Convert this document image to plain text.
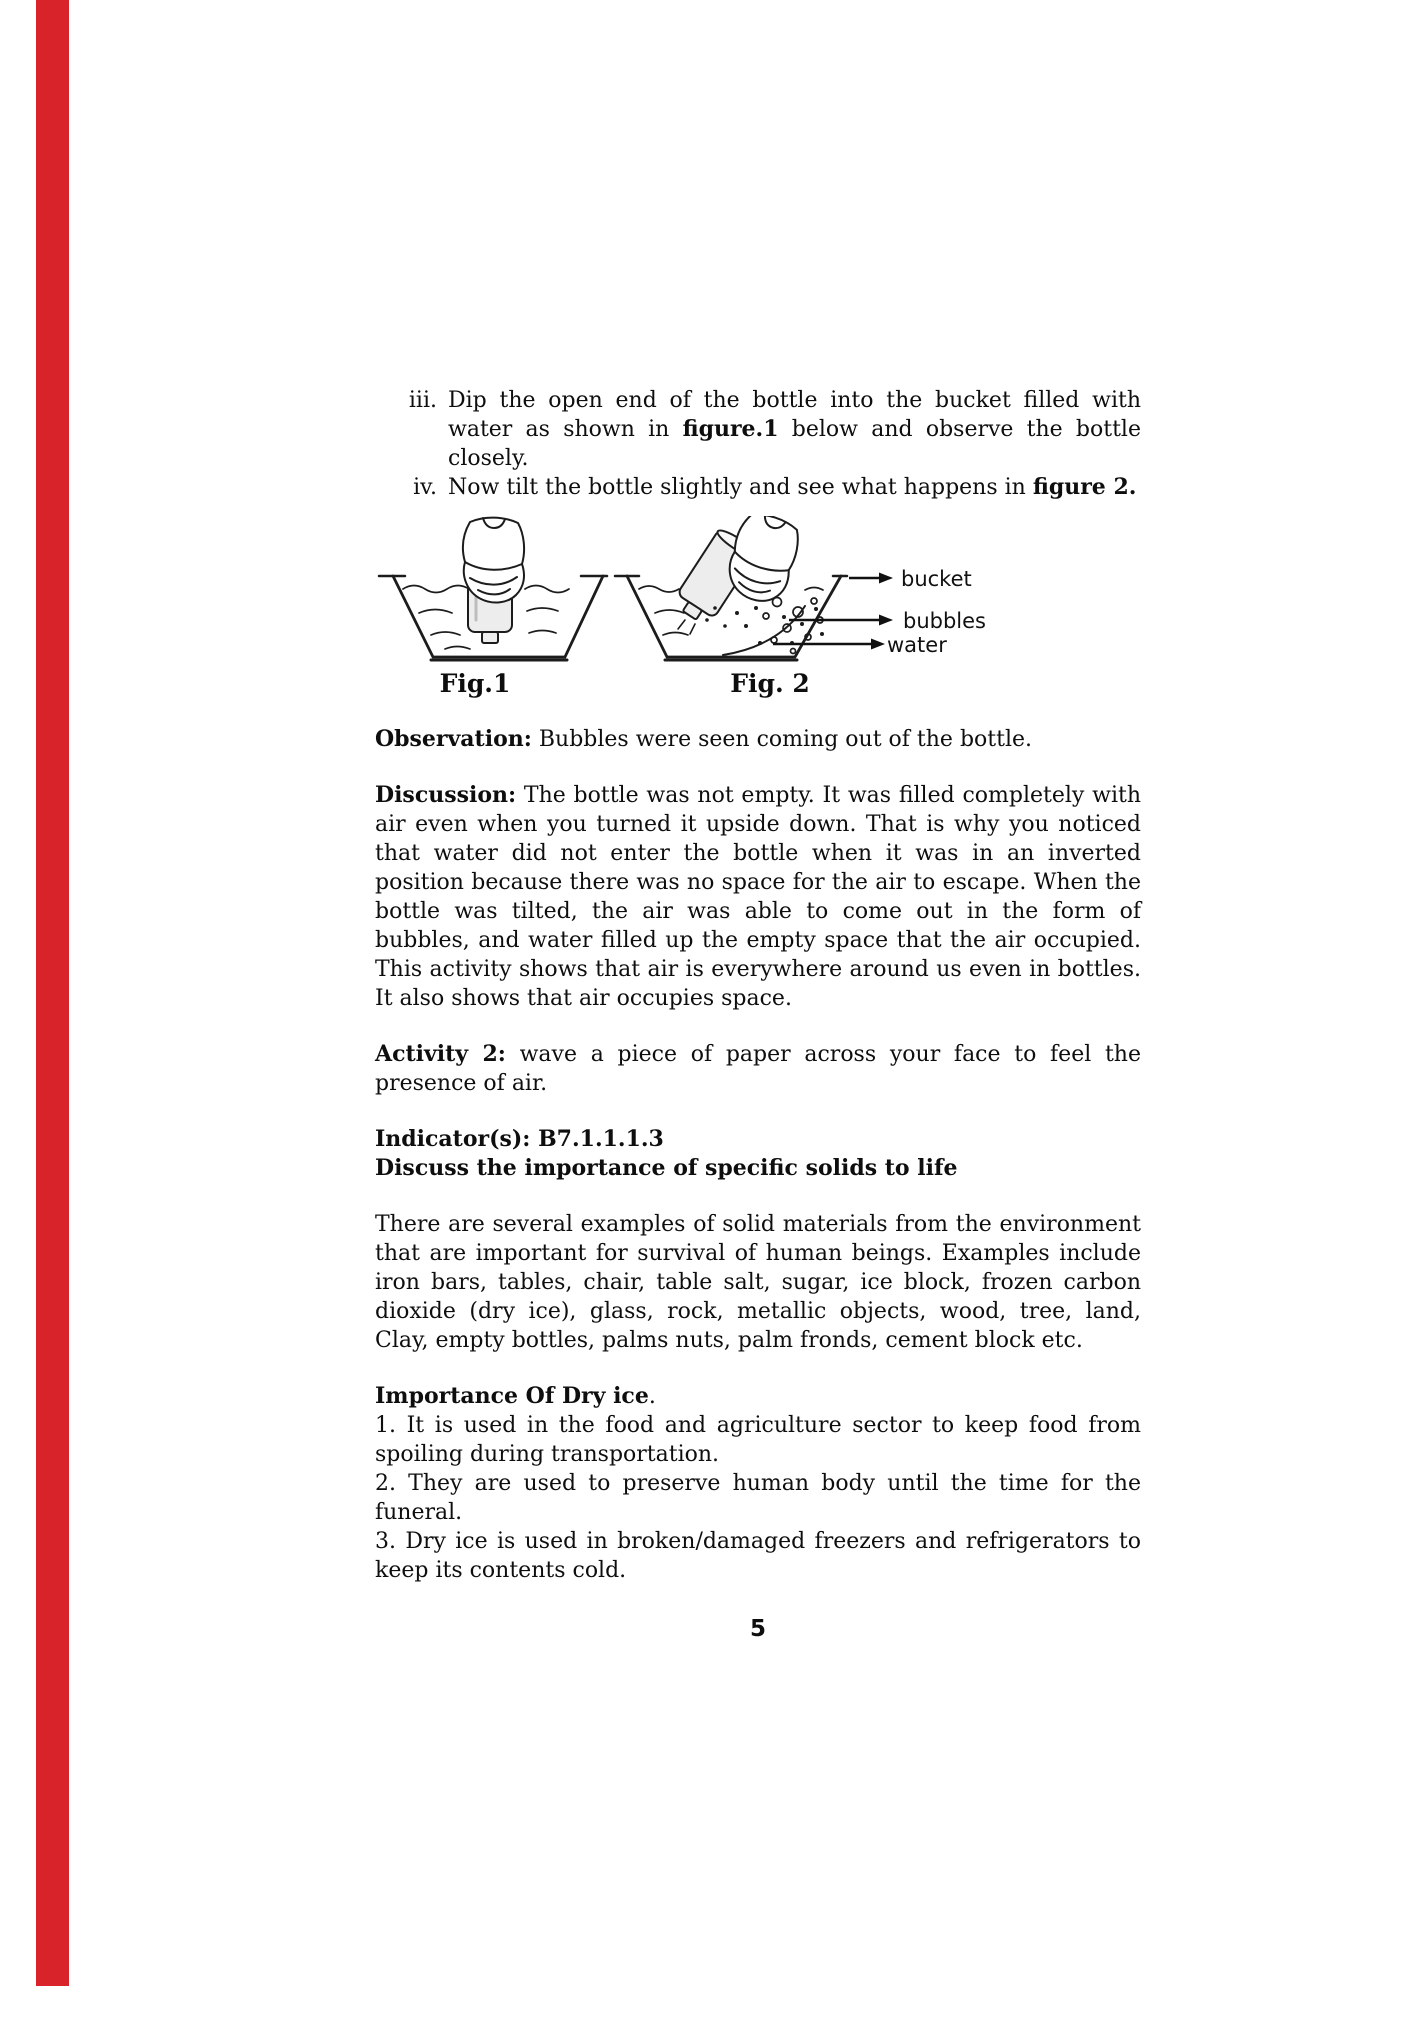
iii. Dip the open end of the bottle into the bucket filled with water as shown in figure.1 below and observe the bottle closely.
iv. Now tilt the bottle slightly and see what happens in figure 2.
bucket
bubbles
water
Fig.1	Fig. 2

Observation: Bubbles were seen coming out of the bottle.

Discussion: The bottle was not empty. It was filled completely with air even when you turned it upside down. That is why you noticed that water did not enter the bottle when it was in an inverted position because there was no space for the air to escape. When the bottle was tilted, the air was able to come out in the form of bubbles, and water filled up the empty space that the air occupied. This activity shows that air is everywhere around us even in bottles. It also shows that air occupies space.

Activity 2: wave a piece of paper across your face to feel the presence of air.

Indicator(s): B7.1.1.1.3
Discuss the importance of specific solids to life

There are several examples of solid materials from the environment that are important for survival of human beings. Examples include iron bars, tables, chair, table salt, sugar, ice block, frozen carbon dioxide (dry ice), glass, rock, metallic objects, wood, tree, land, Clay, empty bottles, palms nuts, palm fronds, cement block etc.

Importance Of Dry ice.
1. It is used in the food and agriculture sector to keep food from spoiling during transportation.
2. They are used to preserve human body until the time for the funeral.
3. Dry ice is used in broken/damaged freezers and refrigerators to keep its contents cold.
5
